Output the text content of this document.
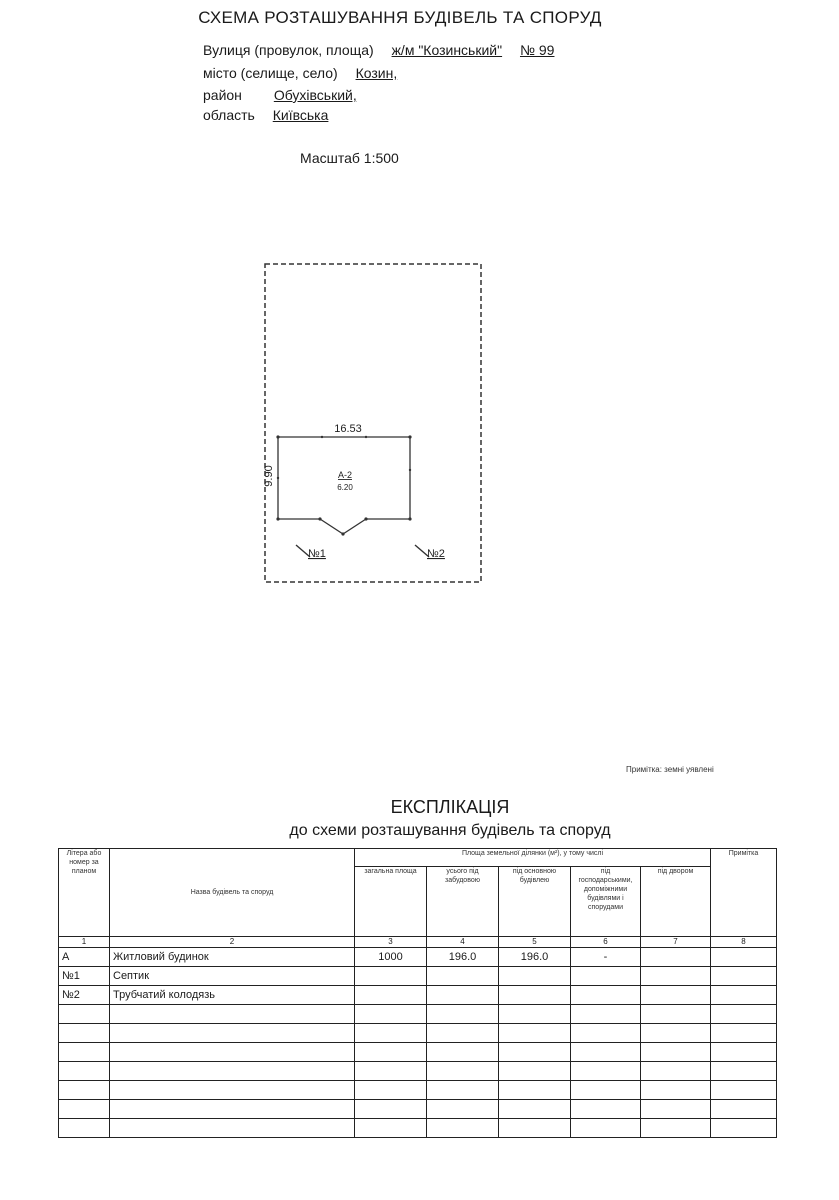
СХЕМА РОЗТАШУВАННЯ БУДІВЕЛЬ ТА СПОРУД
Вулиця (провулок, площа) ж/м "Козинський" № 99
місто (селище, село) Козин,
район Обухівський,
область Київська
Масштаб 1:500
16.53
9.90	А-2
6.20
№1	№2
Примітка: земні уявлені
ЕКСПЛІКАЦІЯ
до схеми розташування будівель та споруд
Літера або номер за планом	Назва будівель та споруд	Площа земельної ділянки (м²), у тому числі					Примітка
		загальна площа	усього під забудовою	під основною будівлею	під господарськими, допоміжними будівлями і спорудами	під двором	
1	2	3	4	5	6	7	8
А	Житловий будинок	1000	196.0	196.0	-		
№1	Септик						
№2	Трубчатий колодязь						
